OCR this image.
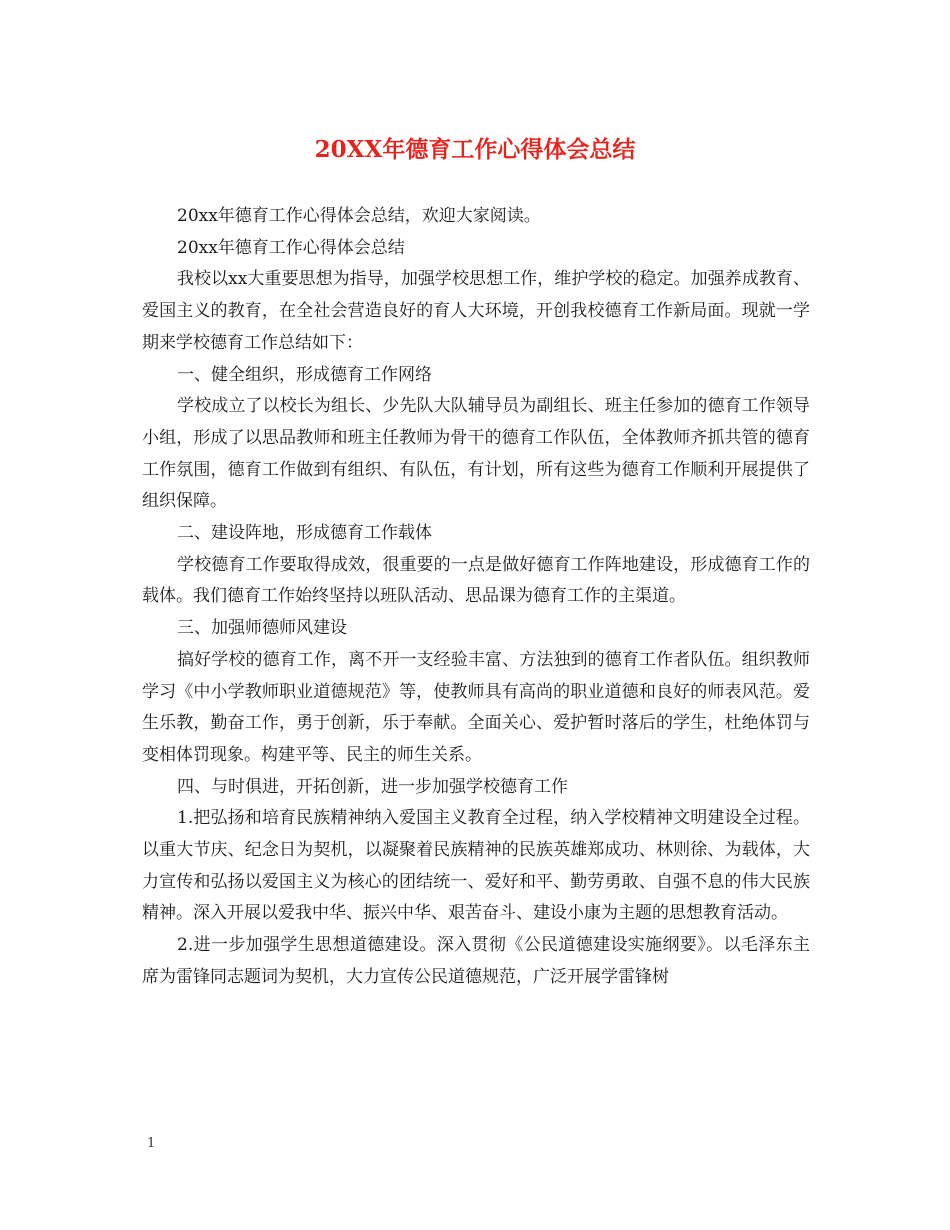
20XX年德育工作心得体会总结

20xx年德育工作心得体会总结，欢迎大家阅读。

20xx年德育工作心得体会总结

我校以xx大重要思想为指导，加强学校思想工作，维护学校的稳定。加强养成教育、爱国主义的教育，在全社会营造良好的育人大环境，开创我校德育工作新局面。现就一学期来学校德育工作总结如下：

一、健全组织，形成德育工作网络

学校成立了以校长为组长、少先队大队辅导员为副组长、班主任参加的德育工作领导小组，形成了以思品教师和班主任教师为骨干的德育工作队伍，全体教师齐抓共管的德育工作氛围，德育工作做到有组织、有队伍，有计划，所有这些为德育工作顺利开展提供了组织保障。

二、建设阵地，形成德育工作载体

学校德育工作要取得成效，很重要的一点是做好德育工作阵地建设，形成德育工作的载体。我们德育工作始终坚持以班队活动、思品课为德育工作的主渠道。

三、加强师德师风建设

搞好学校的德育工作，离不开一支经验丰富、方法独到的德育工作者队伍。组织教师学习《中小学教师职业道德规范》等，使教师具有高尚的职业道德和良好的师表风范。爱生乐教，勤奋工作，勇于创新，乐于奉献。全面关心、爱护暂时落后的学生，杜绝体罚与变相体罚现象。构建平等、民主的师生关系。

四、与时俱进，开拓创新，进一步加强学校德育工作

1.把弘扬和培育民族精神纳入爱国主义教育全过程，纳入学校精神文明建设全过程。以重大节庆、纪念日为契机，以凝聚着民族精神的民族英雄郑成功、林则徐、为载体，大力宣传和弘扬以爱国主义为核心的团结统一、爱好和平、勤劳勇敢、自强不息的伟大民族精神。深入开展以爱我中华、振兴中华、艰苦奋斗、建设小康为主题的思想教育活动。

2.进一步加强学生思想道德建设。深入贯彻《公民道德建设实施纲要》。以毛泽东主席为雷锋同志题词为契机，大力宣传公民道德规范，广泛开展学雷锋树

1
